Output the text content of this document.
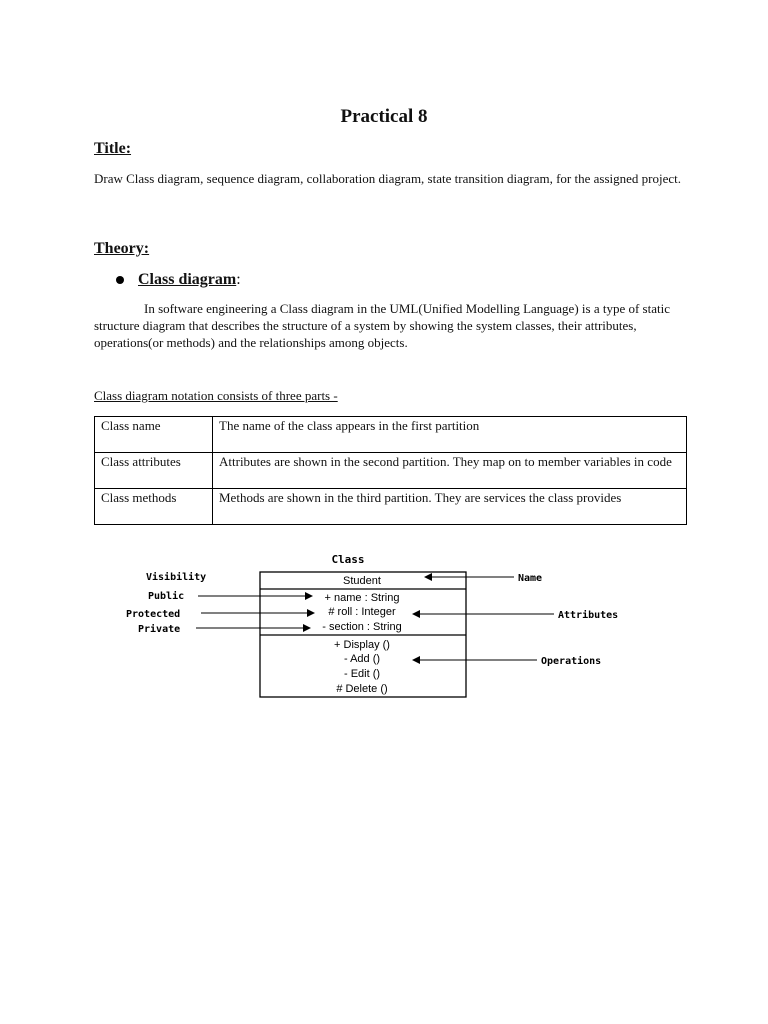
Practical 8
Title:
Draw Class diagram, sequence diagram, collaboration diagram, state transition diagram, for the assigned project.
Theory:
Class diagram :
In software engineering a Class diagram in the UML(Unified Modelling Language) is a type of static structure diagram that describes the structure of a system by showing the system classes, their attributes, operations(or methods) and the relationships among objects.
Class diagram notation consists of three parts -
Class name	The name of the class appears in the first partition
Class attributes	Attributes are shown in the second partition. They map on to member variables in code
Class methods	Methods are shown in the third partition. They are services the class provides
Class
Student
+ name : String
# roll : Integer
- section : String
+ Display ()
- Add ()
- Edit ()
# Delete ()
Visibility
Public
Protected
Private
Name
Attributes
Operations
